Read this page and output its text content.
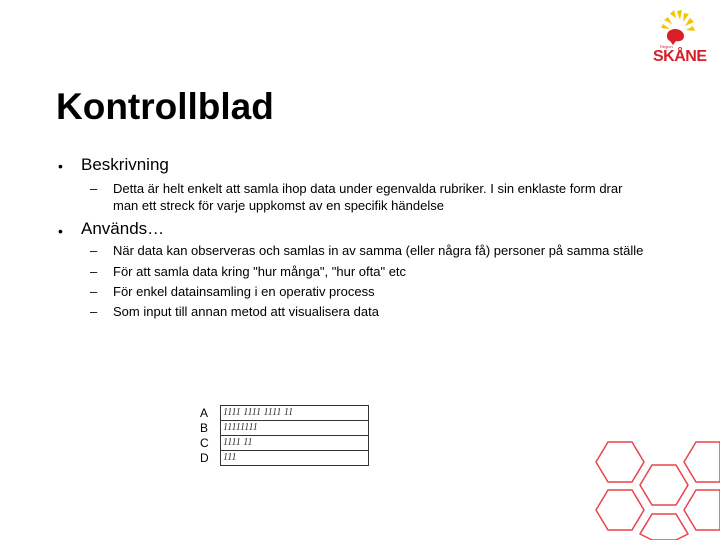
Region
SKÅNE
Kontrollblad
• Beskrivning
– Detta är helt enkelt att samla ihop data under egenvalda rubriker. I sin enklaste form drar
man ett streck för varje uppkomst av en specifik händelse
• Används…
– När data kan observeras och samlas in av samma (eller några få) personer på samma ställe
– För att samla data kring "hur många", "hur ofta" etc
– För enkel datainsamling i en operativ process
– Som input till annan metod att visualisera data
A	1111 1111 1111 11
B	11111111
C	1111 11
D	111
